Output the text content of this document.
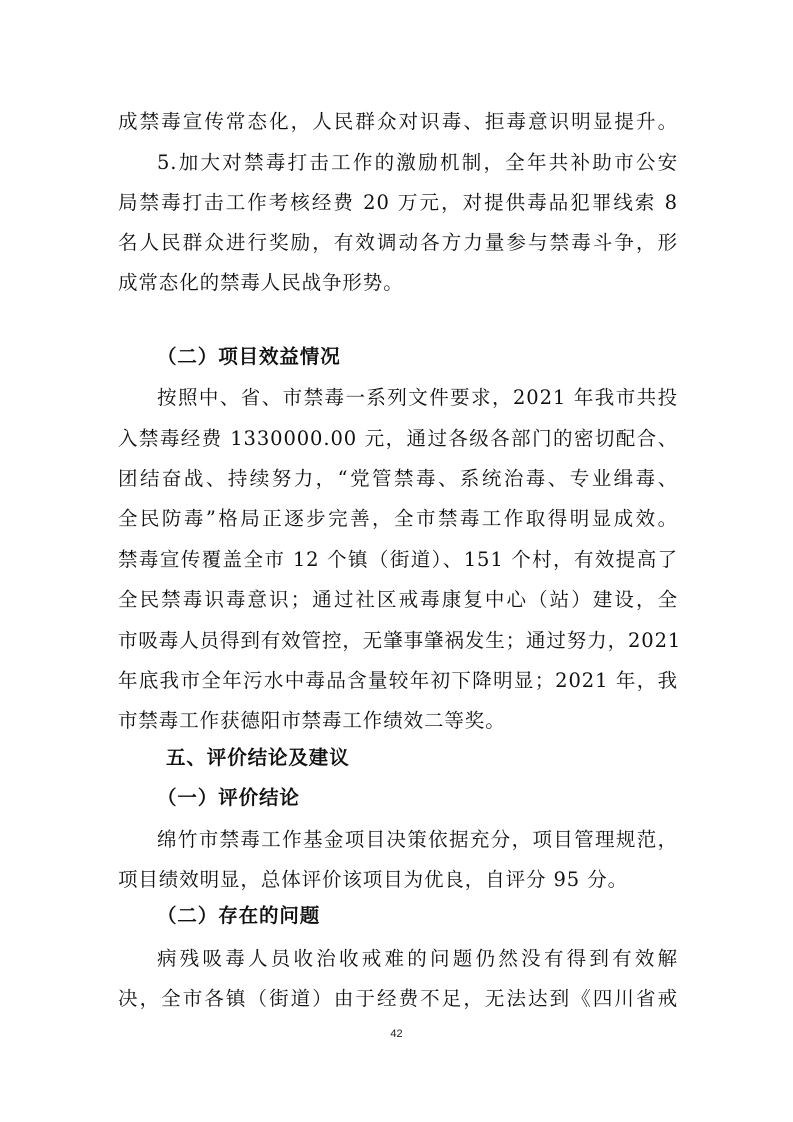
成禁毒宣传常态化，人民群众对识毒、拒毒意识明显提升。
5.加大对禁毒打击工作的激励机制，全年共补助市公安
局禁毒打击工作考核经费 20 万元，对提供毒品犯罪线索 8
名人民群众进行奖励，有效调动各方力量参与禁毒斗争，形
成常态化的禁毒人民战争形势。
（二）项目效益情况
按照中、省、市禁毒一系列文件要求，2021 年我市共投
入禁毒经费 1330000.00 元，通过各级各部门的密切配合、
团结奋战、持续努力，“党管禁毒、系统治毒、专业缉毒、
全民防毒”格局正逐步完善，全市禁毒工作取得明显成效。
禁毒宣传覆盖全市 12 个镇（街道）、151 个村，有效提高了
全民禁毒识毒意识；通过社区戒毒康复中心（站）建设，全
市吸毒人员得到有效管控，无肇事肇祸发生；通过努力，2021
年底我市全年污水中毒品含量较年初下降明显；2021 年，我
市禁毒工作获德阳市禁毒工作绩效二等奖。
五、评价结论及建议
（一）评价结论
绵竹市禁毒工作基金项目决策依据充分，项目管理规范，
项目绩效明显，总体评价该项目为优良，自评分 95 分。
（二）存在的问题
病残吸毒人员收治收戒难的问题仍然没有得到有效解
决，全市各镇（街道）由于经费不足，无法达到《四川省戒
42
